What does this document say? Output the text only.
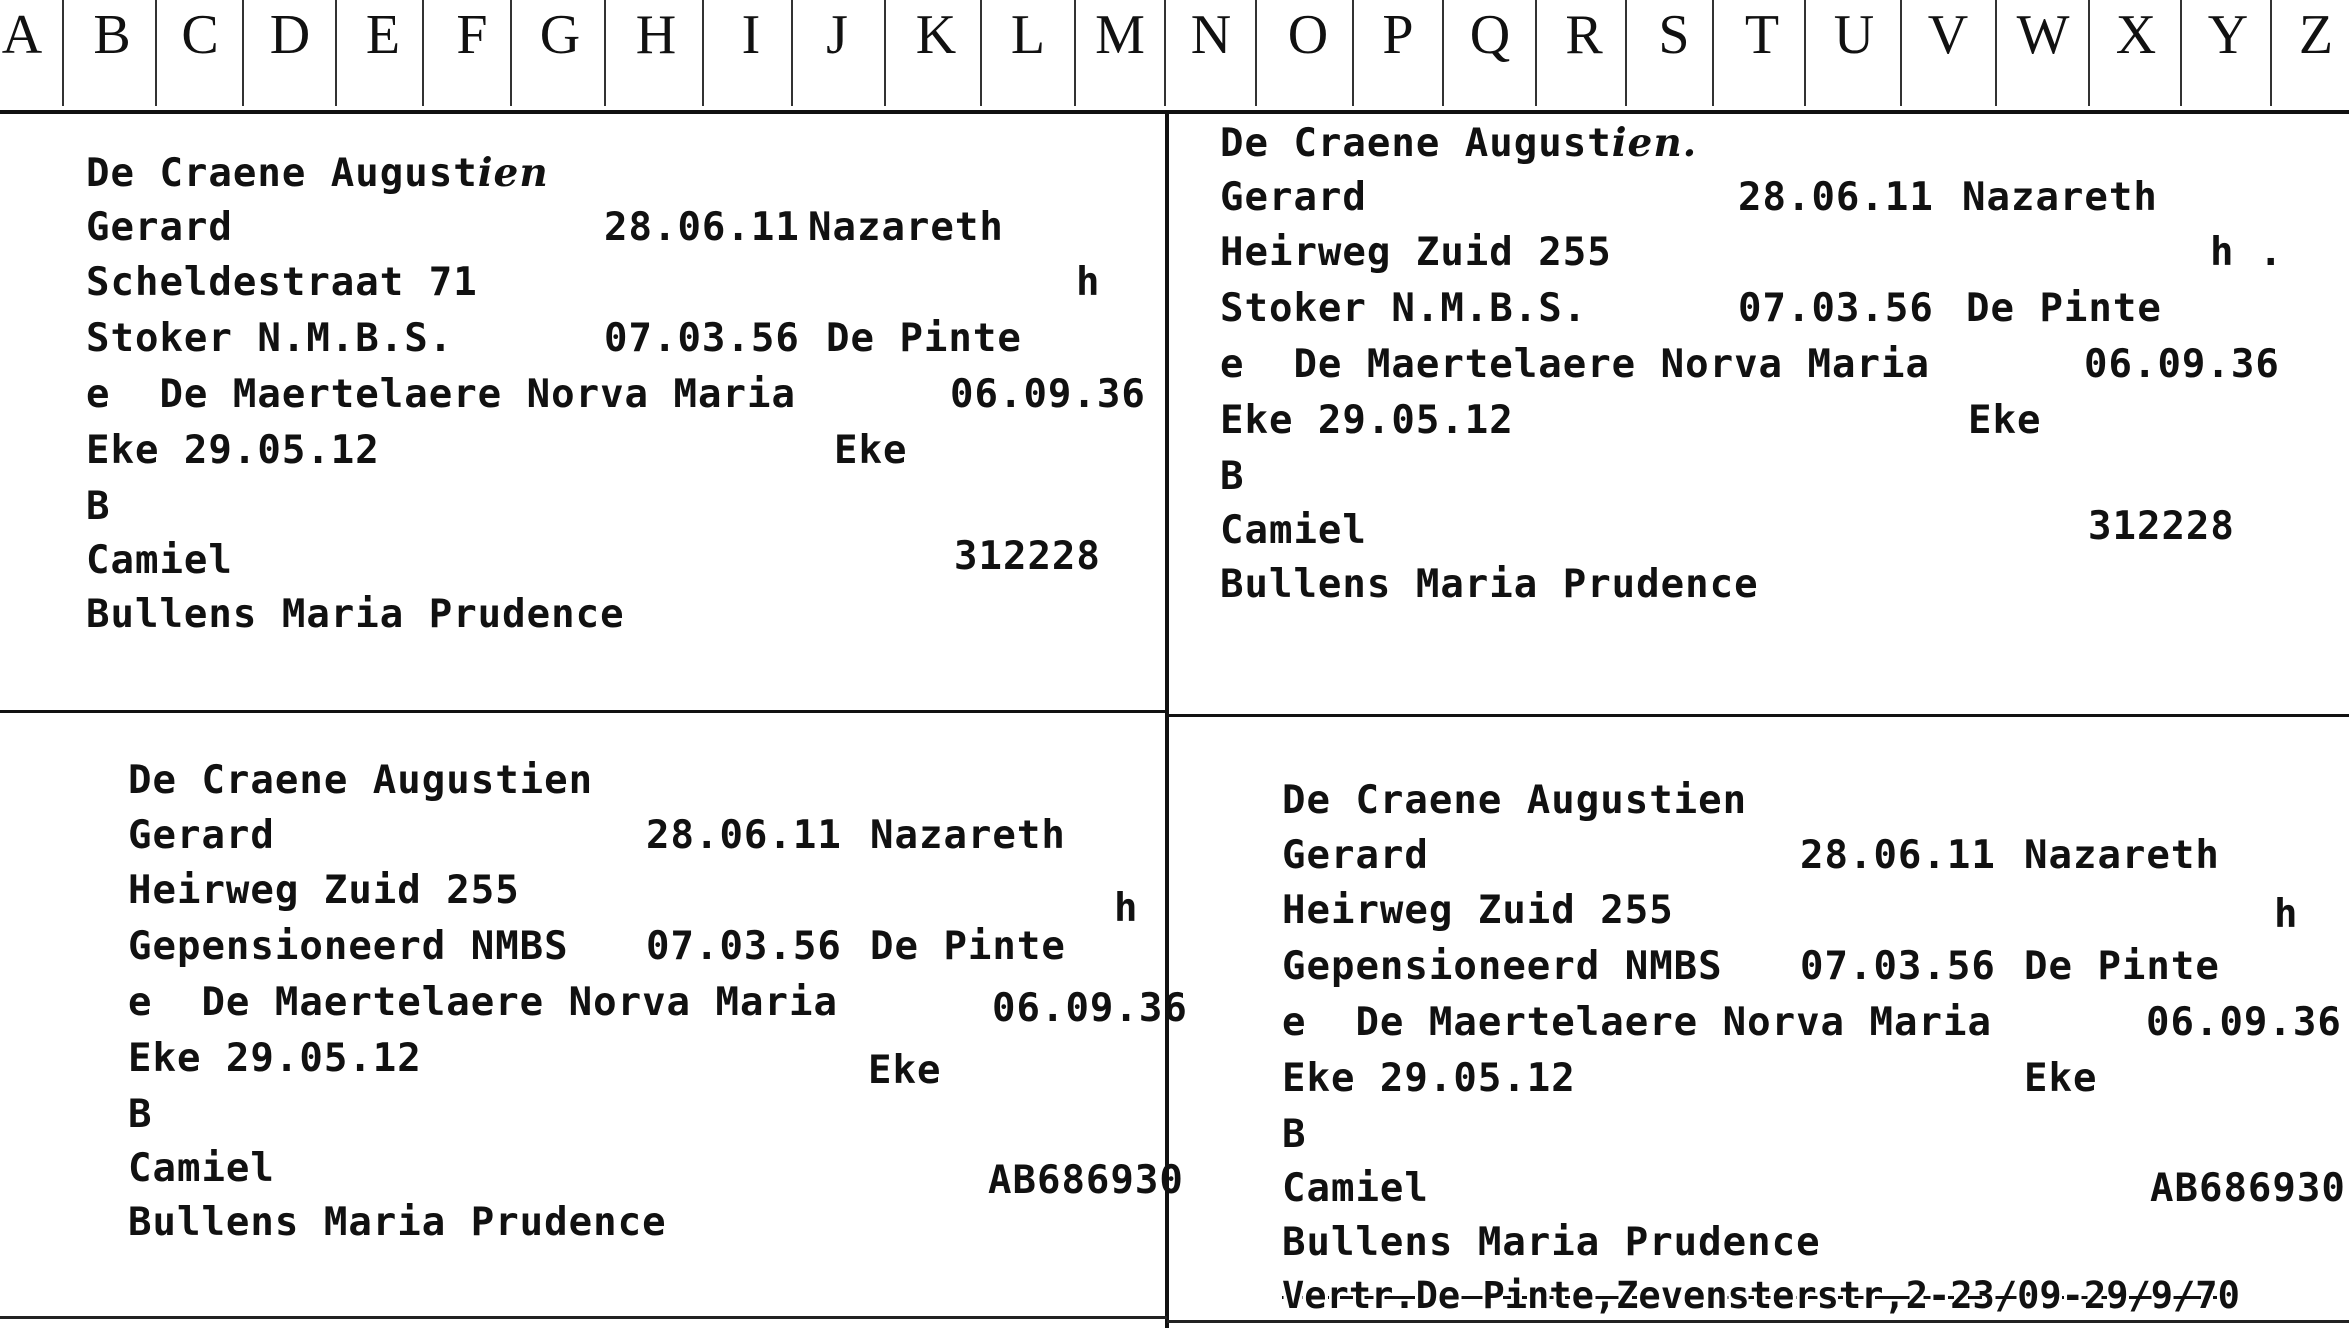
A B C D E	F G H	I	J	K L M N	O P	Q R S T U V W X Y Z
De Craene Augustien
Gerard	28.06.11 Nazareth
Scheldestraat 71	h
Stoker N.M.B.S.	07.03.56 De Pinte
e  De Maertelaere Norva Maria	06.09.36
Eke 29.05.12	Eke
B
Camiel	312228
Bullens Maria Prudence
De Craene Augustien.
Gerard	28.06.11 Nazareth
Heirweg Zuid 255	h .
Stoker N.M.B.S.	07.03.56 De Pinte
e  De Maertelaere Norva Maria	06.09.36
Eke 29.05.12	Eke
B
Camiel	312228
Bullens Maria Prudence
De Craene Augustien
Gerard	28.06.11 Nazareth
Heirweg Zuid 255	h
Gepensioneerd NMBS 07.03.56 De Pinte
e  De Maertelaere Norva Maria	06.09.36
Eke 29.05.12	Eke
B
Camiel	AB686930
Bullens Maria Prudence
De Craene Augustien
Gerard	28.06.11 Nazareth
Heirweg Zuid 255	h
Gepensioneerd NMBS 07.03.56 De Pinte
e  De Maertelaere Norva Maria	06.09.36
Eke 29.05.12	Eke
B
Camiel	AB686930
Bullens Maria Prudence
Vertr.De Pinte,Zevensterstr,2-23/09-29/9/70
